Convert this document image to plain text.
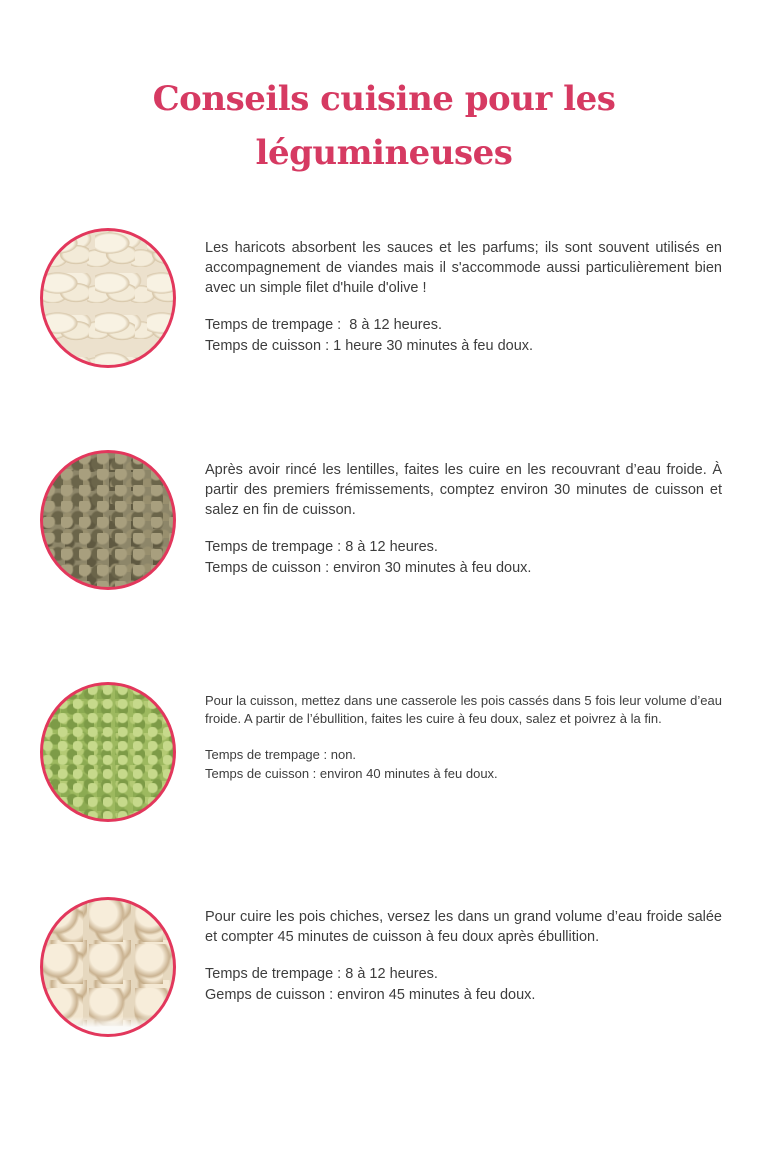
Conseils cuisine pour les
légumineuses

Les haricots absorbent les sauces et les parfums; ils sont souvent utilisés en accompagnement de viandes mais il s'accommode aussi particulièrement bien avec un simple filet d'huile d'olive !

Temps de trempage :  8 à 12 heures.

Temps de cuisson : 1 heure 30 minutes à feu doux.

Après avoir rincé les lentilles, faites les cuire en les recouvrant d’eau froide. À partir des premiers frémissements, comptez environ 30 minutes de cuisson et salez en fin de cuisson.

Temps de trempage : 8 à 12 heures.

Temps de cuisson : environ 30 minutes à feu doux.

Pour la cuisson, mettez dans une casserole les pois cassés dans 5 fois leur volume d’eau froide. A partir de l’ébullition, faites les cuire à feu doux, salez et poivrez à la fin.

Temps de trempage : non.

Temps de cuisson : environ 40 minutes à feu doux.

Pour cuire les pois chiches, versez les dans un grand volume d’eau froide salée et compter 45 minutes de cuisson à feu doux après ébullition.

Temps de trempage : 8 à 12 heures.

Gemps de cuisson : environ 45 minutes à feu doux.
